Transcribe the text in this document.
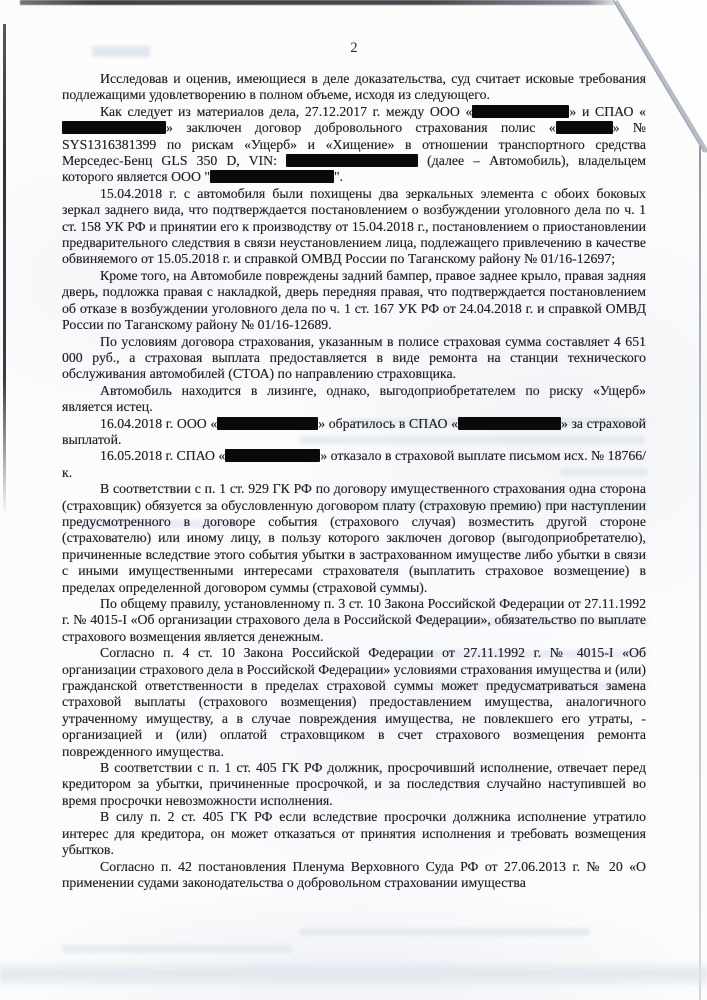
2

Исследовав и оценив, имеющиеся в деле доказательства, суд считает исковые требования подлежащими удовлетворению в полном объеме, исходя из следующего.

Как следует из материалов дела, 27.12.2017 г. между ООО «	» и СПАО «» заключен договор добровольного страхования полис «	» № SYS1316381399 по рискам «Ущерб» и «Хищение» в отношении транспортного средства Мерседес-Бенц GLS 350 D, VIN:	(далее – Автомобиль), владельцем которого является ООО "	".

15.04.2018 г. с автомобиля были похищены два зеркальных элемента с обоих боковых зеркал заднего вида, что подтверждается постановлением о возбуждении уголовного дела по ч. 1 ст. 158 УК РФ и принятии его к производству от 15.04.2018 г., постановлением о приостановлении предварительного следствия в связи неустановлением лица, подлежащего привлечению в качестве обвиняемого от 15.05.2018 г. и справкой ОМВД России по Таганскому району № 01/16-12697;

Кроме того, на Автомобиле повреждены задний бампер, правое заднее крыло, правая задняя дверь, подложка правая с накладкой, дверь передняя правая, что подтверждается постановлением об отказе в возбуждении уголовного дела по ч. 1 ст. 167 УК РФ от 24.04.2018 г. и справкой ОМВД России по Таганскому району № 01/16-12689.

По условиям договора страхования, указанным в полисе страховая сумма составляет 4 651 000 руб., а страховая выплата предоставляется в виде ремонта на станции технического обслуживания автомобилей (СТОА) по направлению страховщика.

Автомобиль находится в лизинге, однако, выгодоприобретателем по риску «Ущерб» является истец.

16.04.2018 г. ООО «	» обратилось в СПАО «	» за страховой выплатой.

16.05.2018 г. СПАО «	» отказало в страховой выплате письмом исх. № 18766/к.

В соответствии с п. 1 ст. 929 ГК РФ по договору имущественного страхования одна сторона (страховщик) обязуется за обусловленную договором плату (страховую премию) при наступлении предусмотренного в договоре события (страхового случая) возместить другой стороне (страхователю) или иному лицу, в пользу которого заключен договор (выгодоприобретателю), причиненные вследствие этого события убытки в застрахованном имуществе либо убытки в связи с иными имущественными интересами страхователя (выплатить страховое возмещение) в пределах определенной договором суммы (страховой суммы).

По общему правилу, установленному п. 3 ст. 10 Закона Российской Федерации от 27.11.1992 г. № 4015-I «Об организации страхового дела в Российской Федерации», обязательство по выплате страхового возмещения является денежным.

Согласно п. 4 ст. 10 Закона Российской Федерации от 27.11.1992 г. № 4015-I «Об организации страхового дела в Российской Федерации» условиями страхования имущества и (или) гражданской ответственности в пределах страховой суммы может предусматриваться замена страховой выплаты (страхового возмещения) предоставлением имущества, аналогичного утраченному имуществу, а в случае повреждения имущества, не повлекшего его утраты, - организацией и (или) оплатой страховщиком в счет страхового возмещения ремонта поврежденного имущества.

В соответствии с п. 1 ст. 405 ГК РФ должник, просрочивший исполнение, отвечает перед кредитором за убытки, причиненные просрочкой, и за последствия случайно наступившей во время просрочки невозможности исполнения.

В силу п. 2 ст. 405 ГК РФ если вследствие просрочки должника исполнение утратило интерес для кредитора, он может отказаться от принятия исполнения и требовать возмещения убытков.

Согласно п. 42 постановления Пленума Верховного Суда РФ от 27.06.2013 г. № 20 «О применении судами законодательства о добровольном страховании имущества
